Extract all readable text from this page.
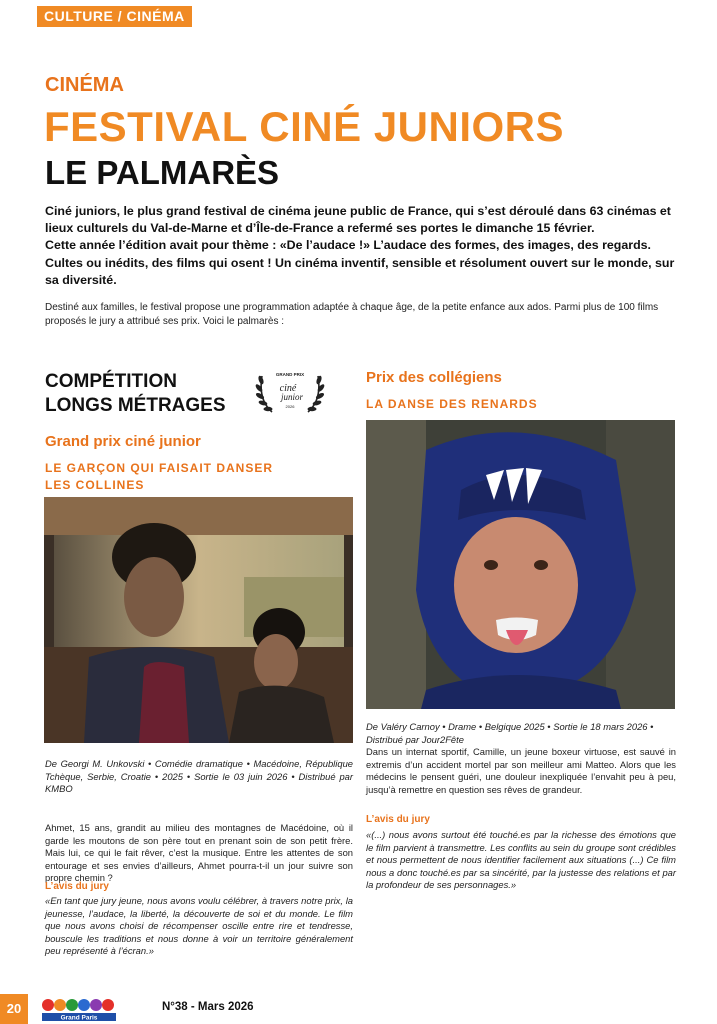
CULTURE / CINÉMA
CINÉMA
FESTIVAL CINÉ JUNIORS
LE PALMARÈS

Ciné juniors, le plus grand festival de cinéma jeune public de France, qui s’est déroulé dans 63 cinémas et lieux culturels du Val-de-Marne et d’Île-de-France a refermé ses portes le dimanche 15 février.

Cette année l’édition avait pour thème : «De l’audace !» L’audace des formes, des images, des regards. Cultes ou inédits, des films qui osent ! Un cinéma inventif, sensible et résolument ouvert sur le monde, sur sa diversité.

Destiné aux familles, le festival propose une programmation adaptée à chaque âge, de la petite enfance aux ados. Parmi plus de 100 films proposés le jury a attribué ses prix. Voici le palmarès :
COMPÉTITION
LONGS MÉTRAGES
GRAND PRIX
ciné
junior
2026
Grand prix ciné junior
LE GARÇON QUI FAISAIT DANSER
LES COLLINES
De Georgi M. Unkovski • Comédie dramatique • Macédoine, République Tchèque, Serbie, Croatie • 2025 • Sortie le 03 juin 2026 • Distribué par KMBO
Ahmet, 15 ans, grandit au milieu des montagnes de Macédoine, où il garde les moutons de son père tout en prenant soin de son petit frère. Mais lui, ce qui le fait rêver, c’est la musique. Entre les attentes de son entourage et ses envies d’ailleurs, Ahmet pourra-t-il un jour suivre son propre chemin ?
L’avis du jury
«En tant que jury jeune, nous avons voulu célébrer, à travers notre prix, la jeunesse, l’audace, la liberté, la découverte de soi et du monde. Le film que nous avons choisi de récompenser oscille entre rire et tendresse, bouscule les traditions et nous donne à voir un territoire généralement peu représenté à l’écran.»
Prix des collégiens
LA DANSE DES RENARDS
De Valéry Carnoy • Drame • Belgique 2025 • Sortie le 18 mars 2026 • Distribué par Jour2Fête
Dans un internat sportif, Camille, un jeune boxeur virtuose, est sauvé in extremis d’un accident mortel par son meilleur ami Matteo. Alors que les médecins le pensent guéri, une douleur inexpliquée l’envahit peu à peu, jusqu’à remettre en question ses rêves de grandeur.
L’avis du jury
«(...) nous avons surtout été touché.es par la richesse des émotions que le film parvient à transmettre. Les conflits au sein du groupe sont crédibles et nous permettent de nous identifier facilement aux situations (...) Ce film nous a donc touché.es par sa sincérité, par la justesse des relations et par la profondeur de ses personnages.»
20
Grand Paris
N°38 - Mars 2026
